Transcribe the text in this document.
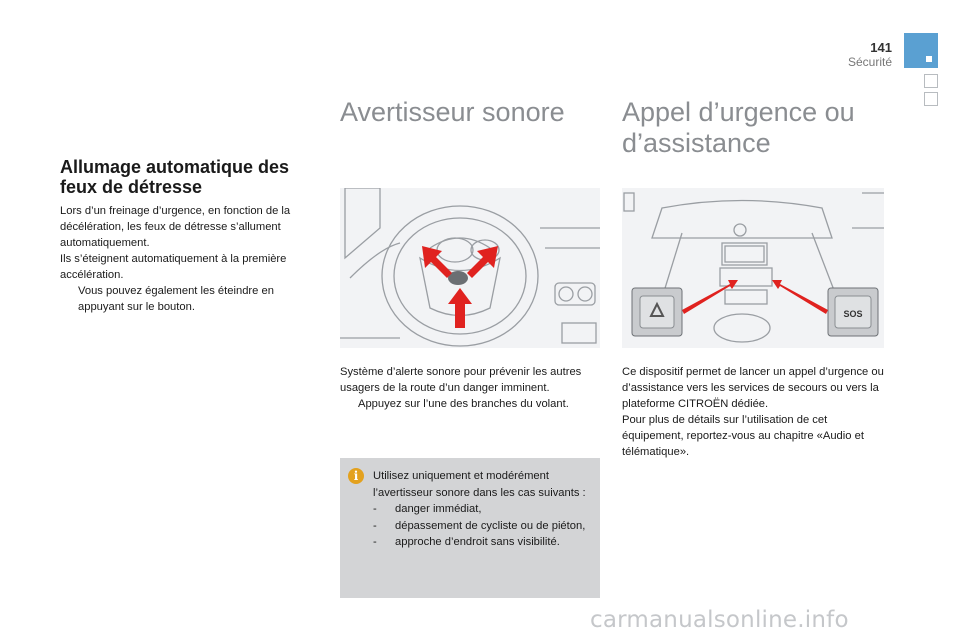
141
Sécurité
Allumage automatique des feux de détresse

Lors d’un freinage d’urgence, en fonction de la décélération, les feux de détresse s’allument automatiquement.

Ils s’éteignent automatiquement à la première accélération.

Vous pouvez également les éteindre en appuyant sur le bouton.
Avertisseur sonore

Système d’alerte sonore pour prévenir les autres usagers de la route d’un danger imminent.

Appuyez sur l’une des branches du volant.
i	Utilisez uniquement et modérément l’avertisseur sonore dans les cas suivants :

-	danger immédiat,
-	dépassement de cycliste ou de piéton,
-	approche d’endroit sans visibilité.
Appel d’urgence ou
d’assistance
SOS

Ce dispositif permet de lancer un appel d’urgence ou d’assistance vers les services de secours ou vers la plateforme CITROËN dédiée.

Pour plus de détails sur l’utilisation de cet équipement, reportez-vous au chapitre «Audio et télématique».

carmanualsonline.info
